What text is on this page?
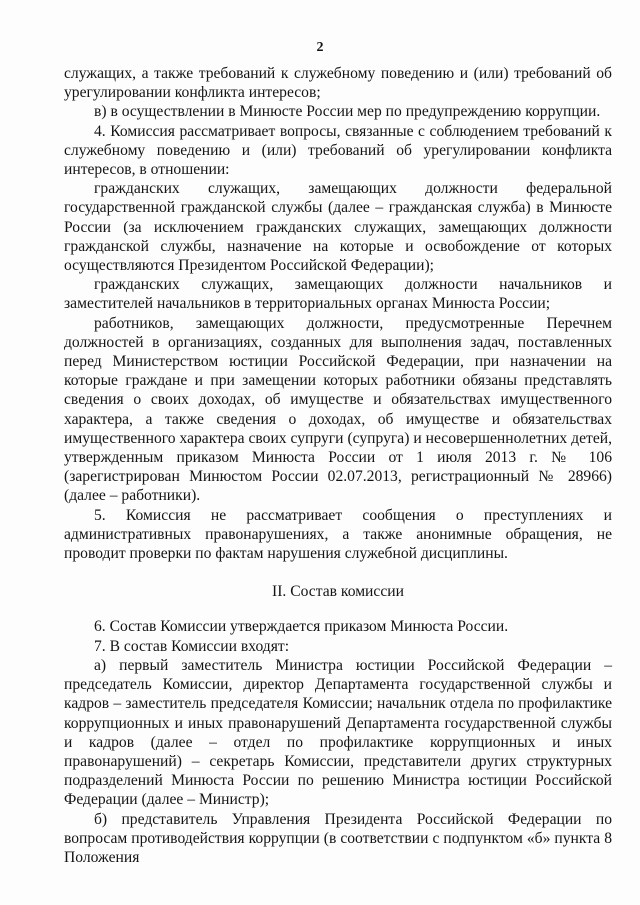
2

служащих, а также требований к служебному поведению и (или) требований об урегулировании конфликта интересов;

в) в осуществлении в Минюсте России мер по предупреждению коррупции.

4. Комиссия рассматривает вопросы, связанные с соблюдением требований к служебному поведению и (или) требований об урегулировании конфликта интересов, в отношении:

гражданских служащих, замещающих должности федеральной государственной гражданской службы (далее – гражданская служба) в Минюсте России (за исключением гражданских служащих, замещающих должности гражданской службы, назначение на которые и освобождение от которых осуществляются Президентом Российской Федерации);

гражданских служащих, замещающих должности начальников и заместителей начальников в территориальных органах Минюста России;

работников, замещающих должности, предусмотренные Перечнем должностей в организациях, созданных для выполнения задач, поставленных перед Министерством юстиции Российской Федерации, при назначении на которые граждане и при замещении которых работники обязаны представлять сведения о своих доходах, об имуществе и обязательствах имущественного характера, а также сведения о доходах, об имуществе и обязательствах имущественного характера своих супруги (супруга) и несовершеннолетних детей, утвержденным приказом Минюста России от 1 июля 2013 г. № 106 (зарегистрирован Минюстом России 02.07.2013, регистрационный № 28966) (далее – работники).

5. Комиссия не рассматривает сообщения о преступлениях и административных правонарушениях, а также анонимные обращения, не проводит проверки по фактам нарушения служебной дисциплины.

II. Состав комиссии

6. Состав Комиссии утверждается приказом Минюста России.

7. В состав Комиссии входят:

а) первый заместитель Министра юстиции Российской Федерации – председатель Комиссии, директор Департамента государственной службы и кадров – заместитель председателя Комиссии; начальник отдела по профилактике коррупционных и иных правонарушений Департамента государственной службы и кадров (далее – отдел по профилактике коррупционных и иных правонарушений) – секретарь Комиссии, представители других структурных подразделений Минюста России по решению Министра юстиции Российской Федерации (далее – Министр);

б) представитель Управления Президента Российской Федерации по вопросам противодействия коррупции (в соответствии с подпунктом «б» пункта 8 Положения
